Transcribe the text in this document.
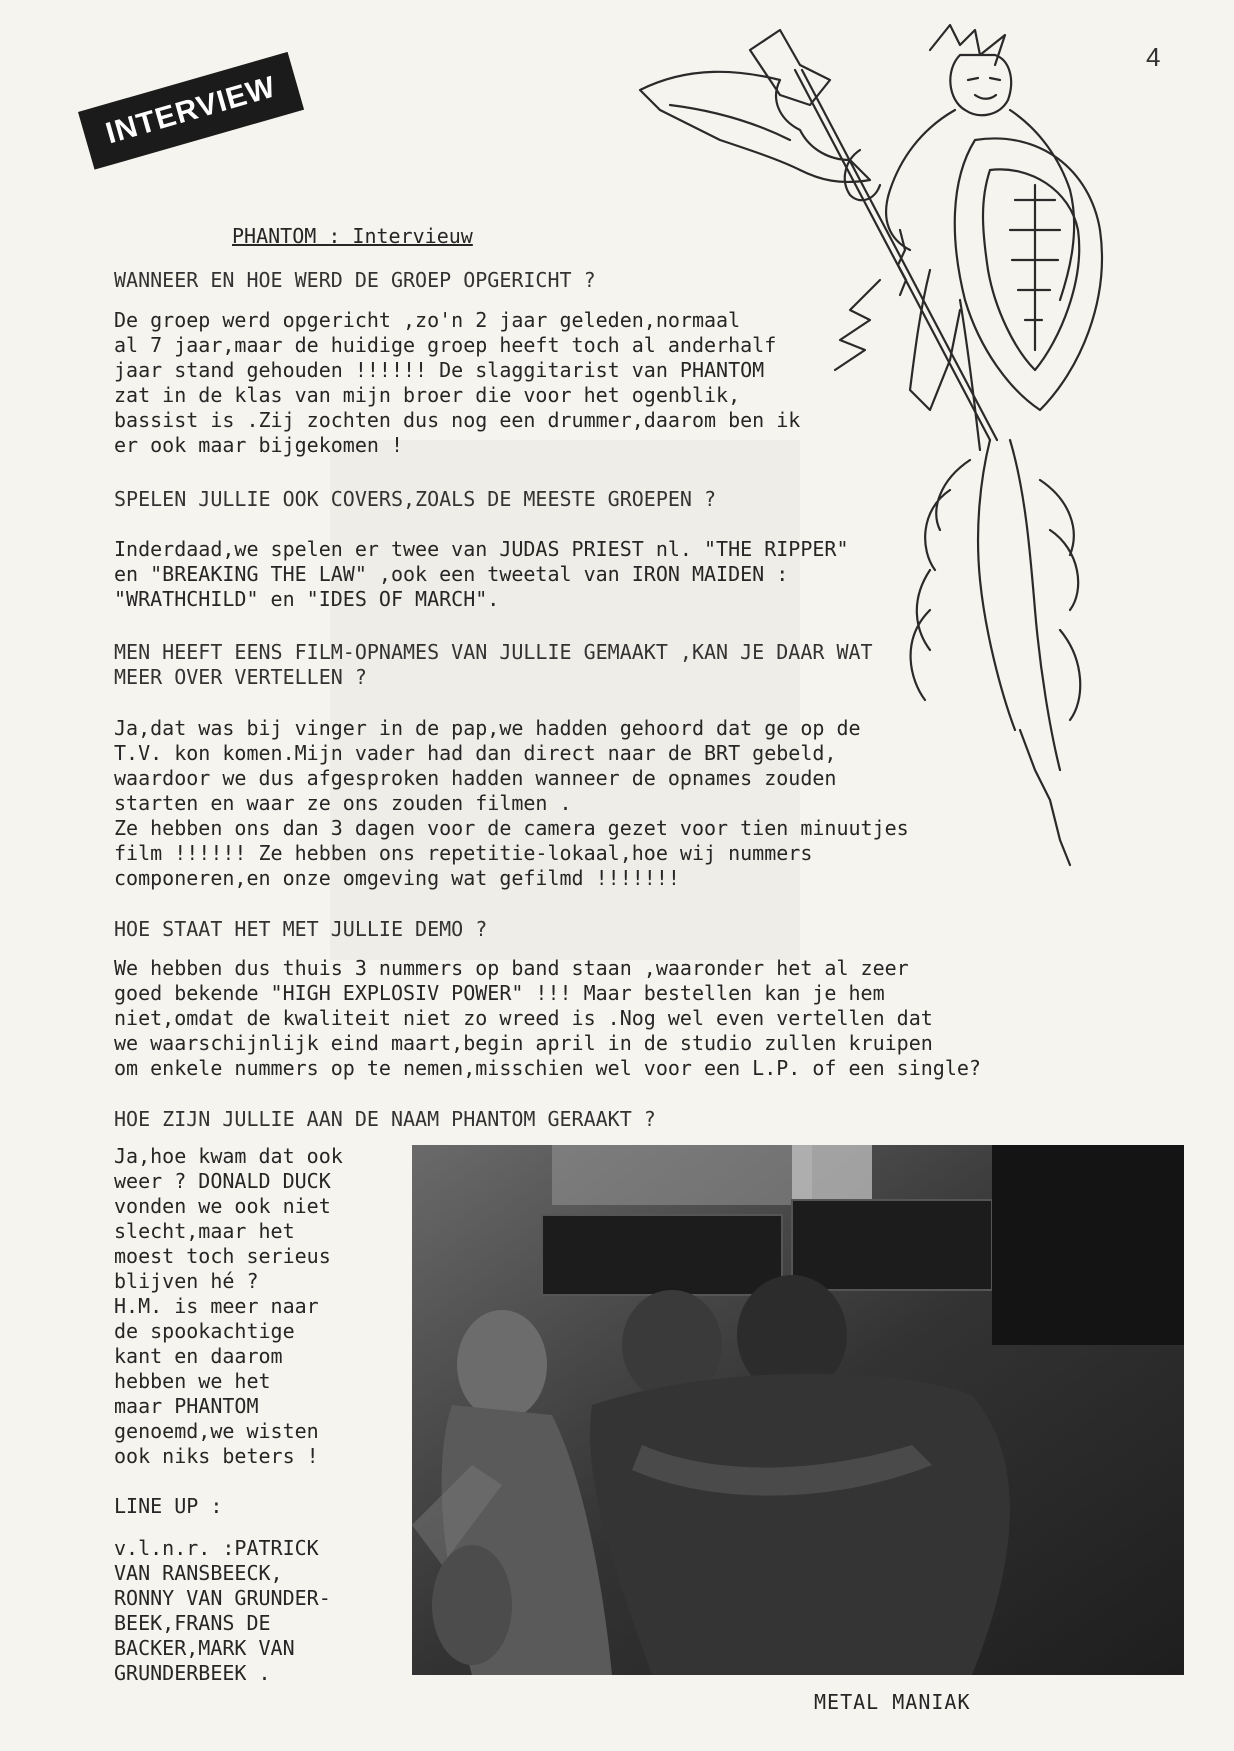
INTERVIEW
4
PHANTOM : Intervieuw
WANNEER EN HOE WERD DE GROEP OPGERICHT ?
De groep werd opgericht ,zo'n 2 jaar geleden,normaal
al 7 jaar,maar de huidige groep heeft toch al anderhalf
jaar stand gehouden !!!!!! De slaggitarist van PHANTOM
zat in de klas van mijn broer die voor het ogenblik,
bassist is .Zij zochten dus nog een drummer,daarom ben ik
er ook maar bijgekomen !
SPELEN JULLIE OOK COVERS,ZOALS DE MEESTE GROEPEN ?
Inderdaad,we spelen er twee van JUDAS PRIEST nl. "THE RIPPER"
en "BREAKING THE LAW" ,ook een tweetal van IRON MAIDEN :
"WRATHCHILD" en "IDES OF MARCH".
MEN HEEFT EENS FILM-OPNAMES VAN JULLIE GEMAAKT ,KAN JE DAAR WAT
MEER OVER VERTELLEN ?
Ja,dat was bij vinger in de pap,we hadden gehoord dat ge op de
T.V. kon komen.Mijn vader had dan direct naar de BRT gebeld,
waardoor we dus afgesproken hadden wanneer de opnames zouden
starten en waar ze ons zouden filmen .
Ze hebben ons dan 3 dagen voor de camera gezet voor tien minuutjes
film !!!!!! Ze hebben ons repetitie-lokaal,hoe wij nummers
componeren,en onze omgeving wat gefilmd !!!!!!!
HOE STAAT HET MET JULLIE DEMO ?
We hebben dus thuis 3 nummers op band staan ,waaronder het al zeer
goed bekende "HIGH EXPLOSIV POWER" !!! Maar bestellen kan je hem
niet,omdat de kwaliteit niet zo wreed is .Nog wel even vertellen dat
we waarschijnlijk eind maart,begin april in de studio zullen kruipen
om enkele nummers op te nemen,misschien wel voor een L.P. of een single?
HOE ZIJN JULLIE AAN DE NAAM PHANTOM GERAAKT ?
Ja,hoe kwam dat ook
weer ? DONALD DUCK
vonden we ook niet
slecht,maar het
moest toch serieus
blijven hé ?
H.M. is meer naar
de spookachtige
kant en daarom
hebben we het
maar PHANTOM
genoemd,we wisten
ook niks beters !
LINE UP :
v.l.n.r. :PATRICK
VAN RANSBEECK,
RONNY VAN GRUNDER-
BEEK,FRANS DE
BACKER,MARK VAN
GRUNDERBEEK .
METAL MANIAK
